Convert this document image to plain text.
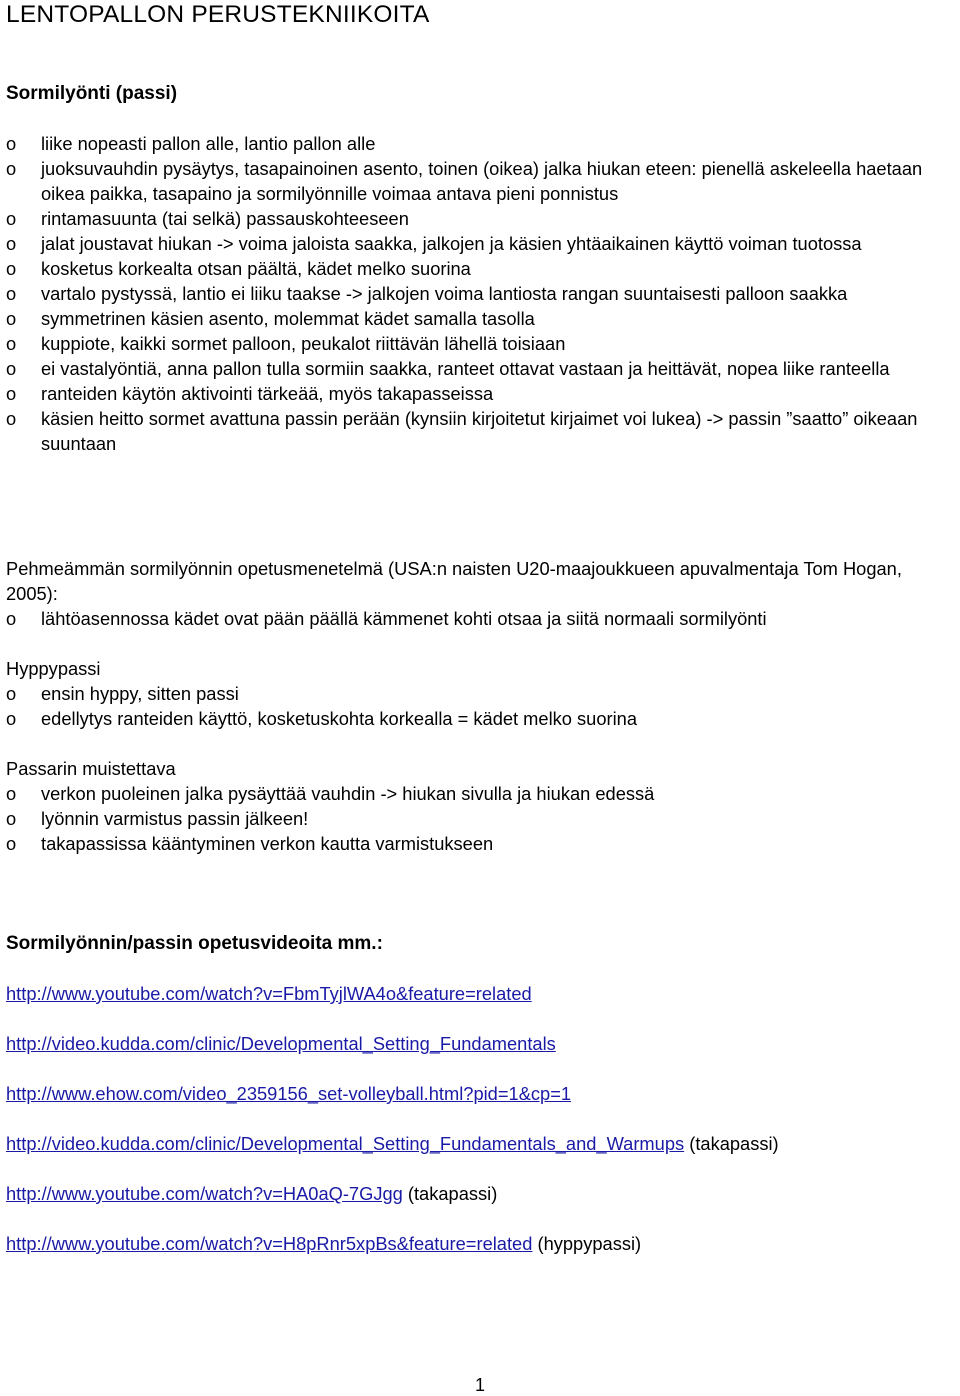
LENTOPALLON PERUSTEKNIIKOITA
Sormilyönti (passi)
o	liike nopeasti pallon alle, lantio pallon alle
o	juoksuvauhdin pysäytys, tasapainoinen asento, toinen (oikea) jalka hiukan eteen: pienellä askeleella haetaan oikea paikka, tasapaino ja sormilyönnille voimaa antava pieni ponnistus
o	rintamasuunta (tai selkä) passauskohteeseen
o	jalat joustavat hiukan -> voima jaloista saakka, jalkojen ja käsien yhtäaikainen käyttö voiman tuotossa
o	kosketus korkealta otsan päältä, kädet melko suorina
o	vartalo pystyssä, lantio ei liiku taakse -> jalkojen voima lantiosta rangan suuntaisesti palloon saakka
o	symmetrinen käsien asento, molemmat kädet samalla tasolla
o	kuppiote, kaikki sormet palloon, peukalot riittävän lähellä toisiaan
o	ei vastalyöntiä, anna pallon tulla sormiin saakka, ranteet ottavat vastaan ja heittävät, nopea liike ranteella
o	ranteiden käytön aktivointi tärkeää, myös takapasseissa
o	käsien heitto sormet avattuna passin perään (kynsiin kirjoitetut kirjaimet voi lukea) -> passin ”saatto” oikeaan suuntaan

Pehmeämmän sormilyönnin opetusmenetelmä (USA:n naisten U20-maajoukkueen apuvalmentaja Tom Hogan, 2005):

o	lähtöasennossa kädet ovat pään päällä kämmenet kohti otsaa ja siitä normaali sormilyönti

Hyppypassi

o	ensin hyppy, sitten passi
o	edellytys ranteiden käyttö, kosketuskohta korkealla = kädet melko suorina

Passarin muistettava

o	verkon puoleinen jalka pysäyttää vauhdin -> hiukan sivulla ja hiukan edessä
o	lyönnin varmistus passin jälkeen!
o	takapassissa kääntyminen verkon kautta varmistukseen
Sormilyönnin/passin opetusvideoita mm.:

http://www.youtube.com/watch?v=FbmTyjlWA4o&feature=related

http://video.kudda.com/clinic/Developmental_Setting_Fundamentals

http://www.ehow.com/video_2359156_set-volleyball.html?pid=1&cp=1

http://video.kudda.com/clinic/Developmental_Setting_Fundamentals_and_Warmups (takapassi)

http://www.youtube.com/watch?v=HA0aQ-7GJgg (takapassi)

http://www.youtube.com/watch?v=H8pRnr5xpBs&feature=related (hyppypassi)

1
